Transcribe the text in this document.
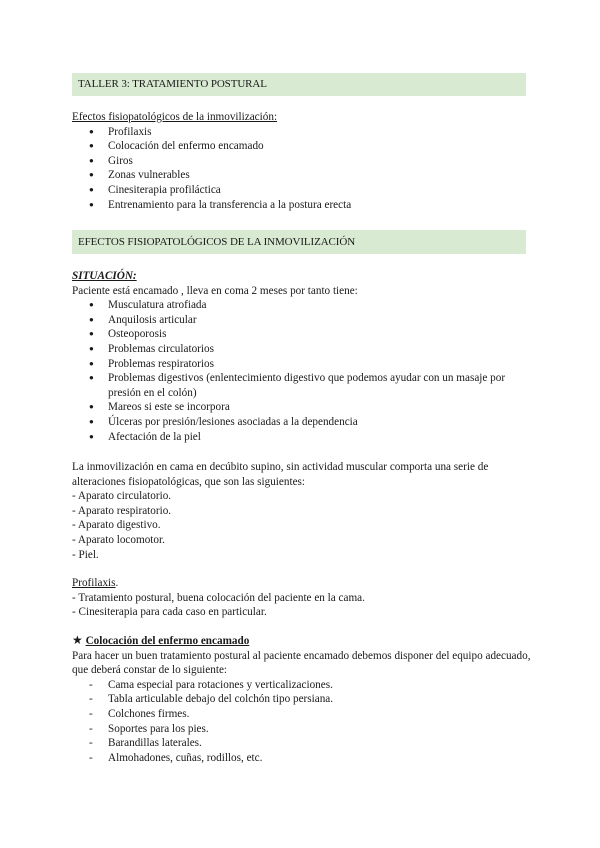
TALLER 3: TRATAMIENTO POSTURAL

Efectos fisiopatológicos de la inmovilización:

● Profilaxis
● Colocación del enfermo encamado
● Giros
● Zonas vulnerables
● Cinesiterapia profiláctica
● Entrenamiento para la transferencia a la postura erecta
EFECTOS FISIOPATOLÓGICOS DE LA INMOVILIZACIÓN

SITUACIÓN:

Paciente está encamado , lleva en coma 2 meses por tanto tiene:

● Musculatura atrofiada
● Anquilosis articular
● Osteoporosis
● Problemas circulatorios
● Problemas respiratorios
● Problemas digestivos (enlentecimiento digestivo que podemos ayudar con un masaje por presión en el colón)
● Mareos si este se incorpora
● Úlceras por presión/lesiones asociadas a la dependencia
● Afectación de la piel

La inmovilización en cama en decúbito supino, sin actividad muscular comporta una serie de alteraciones fisiopatológicas, que son las siguientes:

- Aparato circulatorio.

- Aparato respiratorio.

- Aparato digestivo.

- Aparato locomotor.

- Piel.

Profilaxis.

- Tratamiento postural, buena colocación del paciente en la cama.

- Cinesiterapia para cada caso en particular.

★ Colocación del enfermo encamado

Para hacer un buen tratamiento postural al paciente encamado debemos disponer del equipo adecuado, que deberá constar de lo siguiente:

- Cama especial para rotaciones y verticalizaciones.
- Tabla articulable debajo del colchón tipo persiana.
- Colchones firmes.
- Soportes para los pies.
- Barandillas laterales.
- Almohadones, cuñas, rodillos, etc.
